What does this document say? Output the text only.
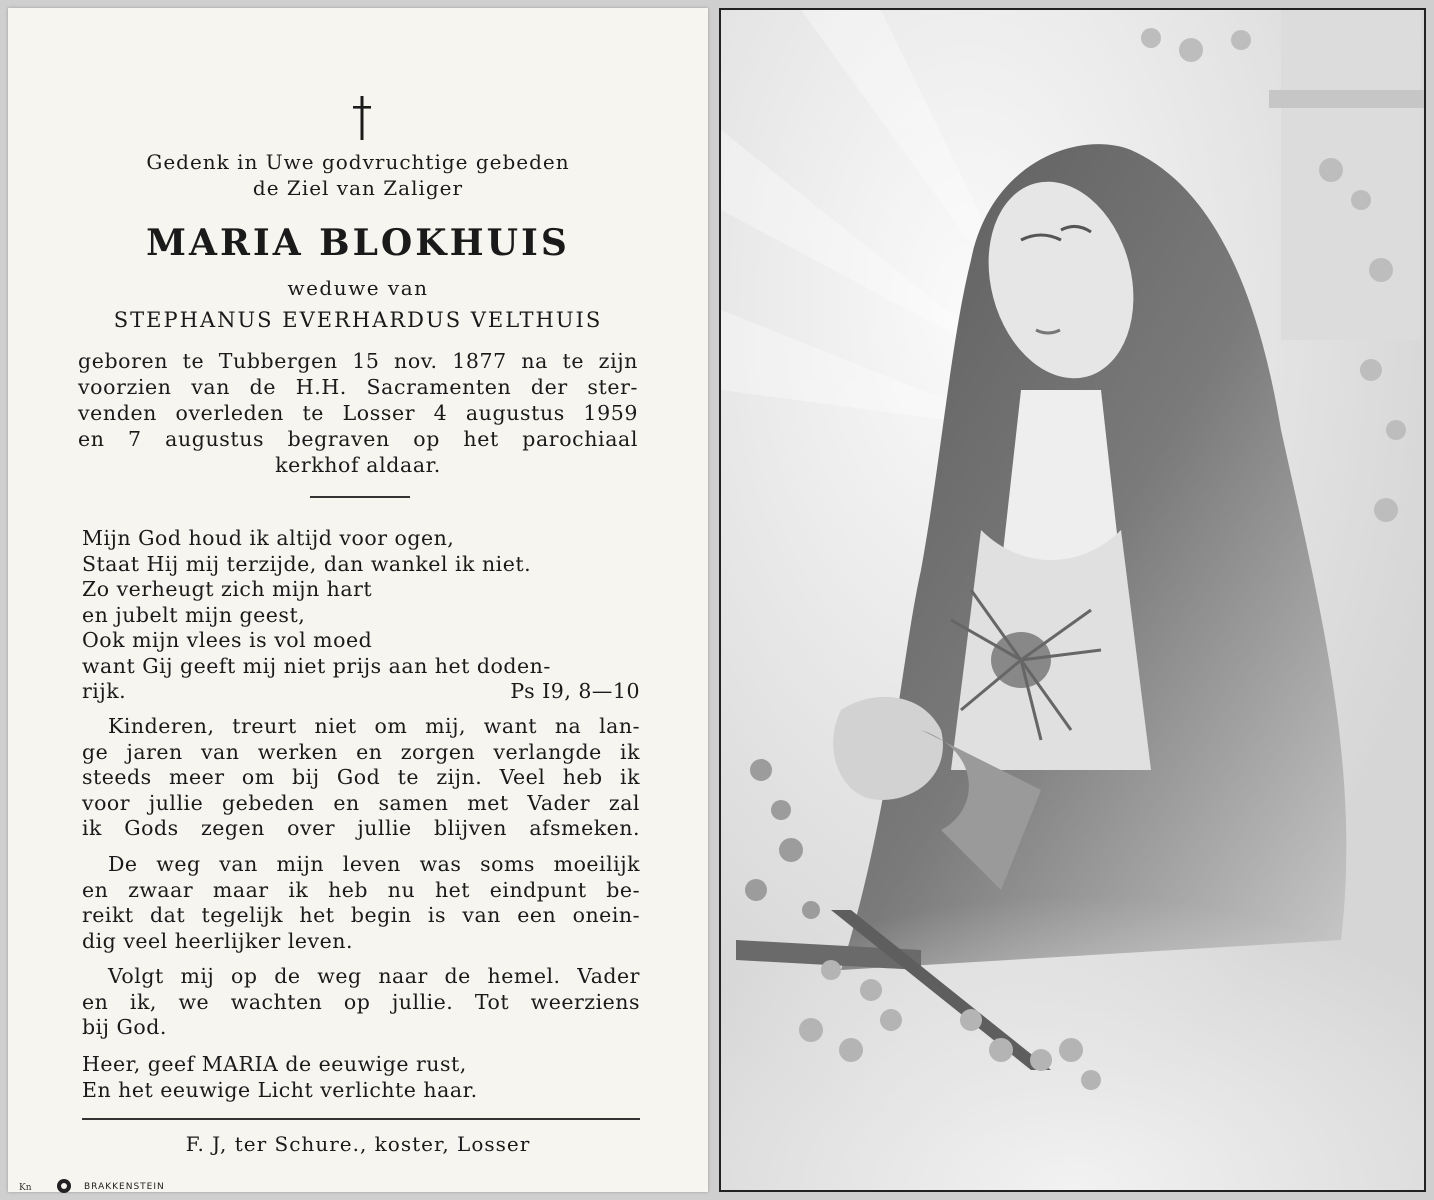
Gedenk in Uwe godvruchtige gebeden
de Ziel van Zaliger
MARIA BLOKHUIS
weduwe van
STEPHANUS EVERHARDUS VELTHUIS
geboren te Tubbergen 15 nov. 1877 na te zijn
voorzien van de H.H. Sacramenten der ster-
venden overleden te Losser 4 augustus 1959
en 7 augustus begraven op het parochiaal
kerkhof aldaar.
Mijn God houd ik altijd voor ogen,
Staat Hij mij terzijde, dan wankel ik niet.
Zo verheugt zich mijn hart
en jubelt mijn geest,
Ook mijn vlees is vol moed
want Gij geeft mij niet prijs aan het doden-
rijk.	Ps I9, 8—10
Kinderen, treurt niet om mij, want na lan-
ge jaren van werken en zorgen verlangde ik
steeds meer om bij God te zijn. Veel heb ik
voor jullie gebeden en samen met Vader zal
ik Gods zegen over jullie blijven afsmeken.
De weg van mijn leven was soms moeilijk
en zwaar maar ik heb nu het eindpunt be-
reikt dat tegelijk het begin is van een onein-
dig veel heerlijker leven.
Volgt mij op de weg naar de hemel. Vader
en ik, we wachten op jullie. Tot weerziens
bij God.
Heer, geef MARIA de eeuwige rust,
En het eeuwige Licht verlichte haar.
F. J, ter Schure., koster, Losser
Kn	BRAKKENSTEIN
